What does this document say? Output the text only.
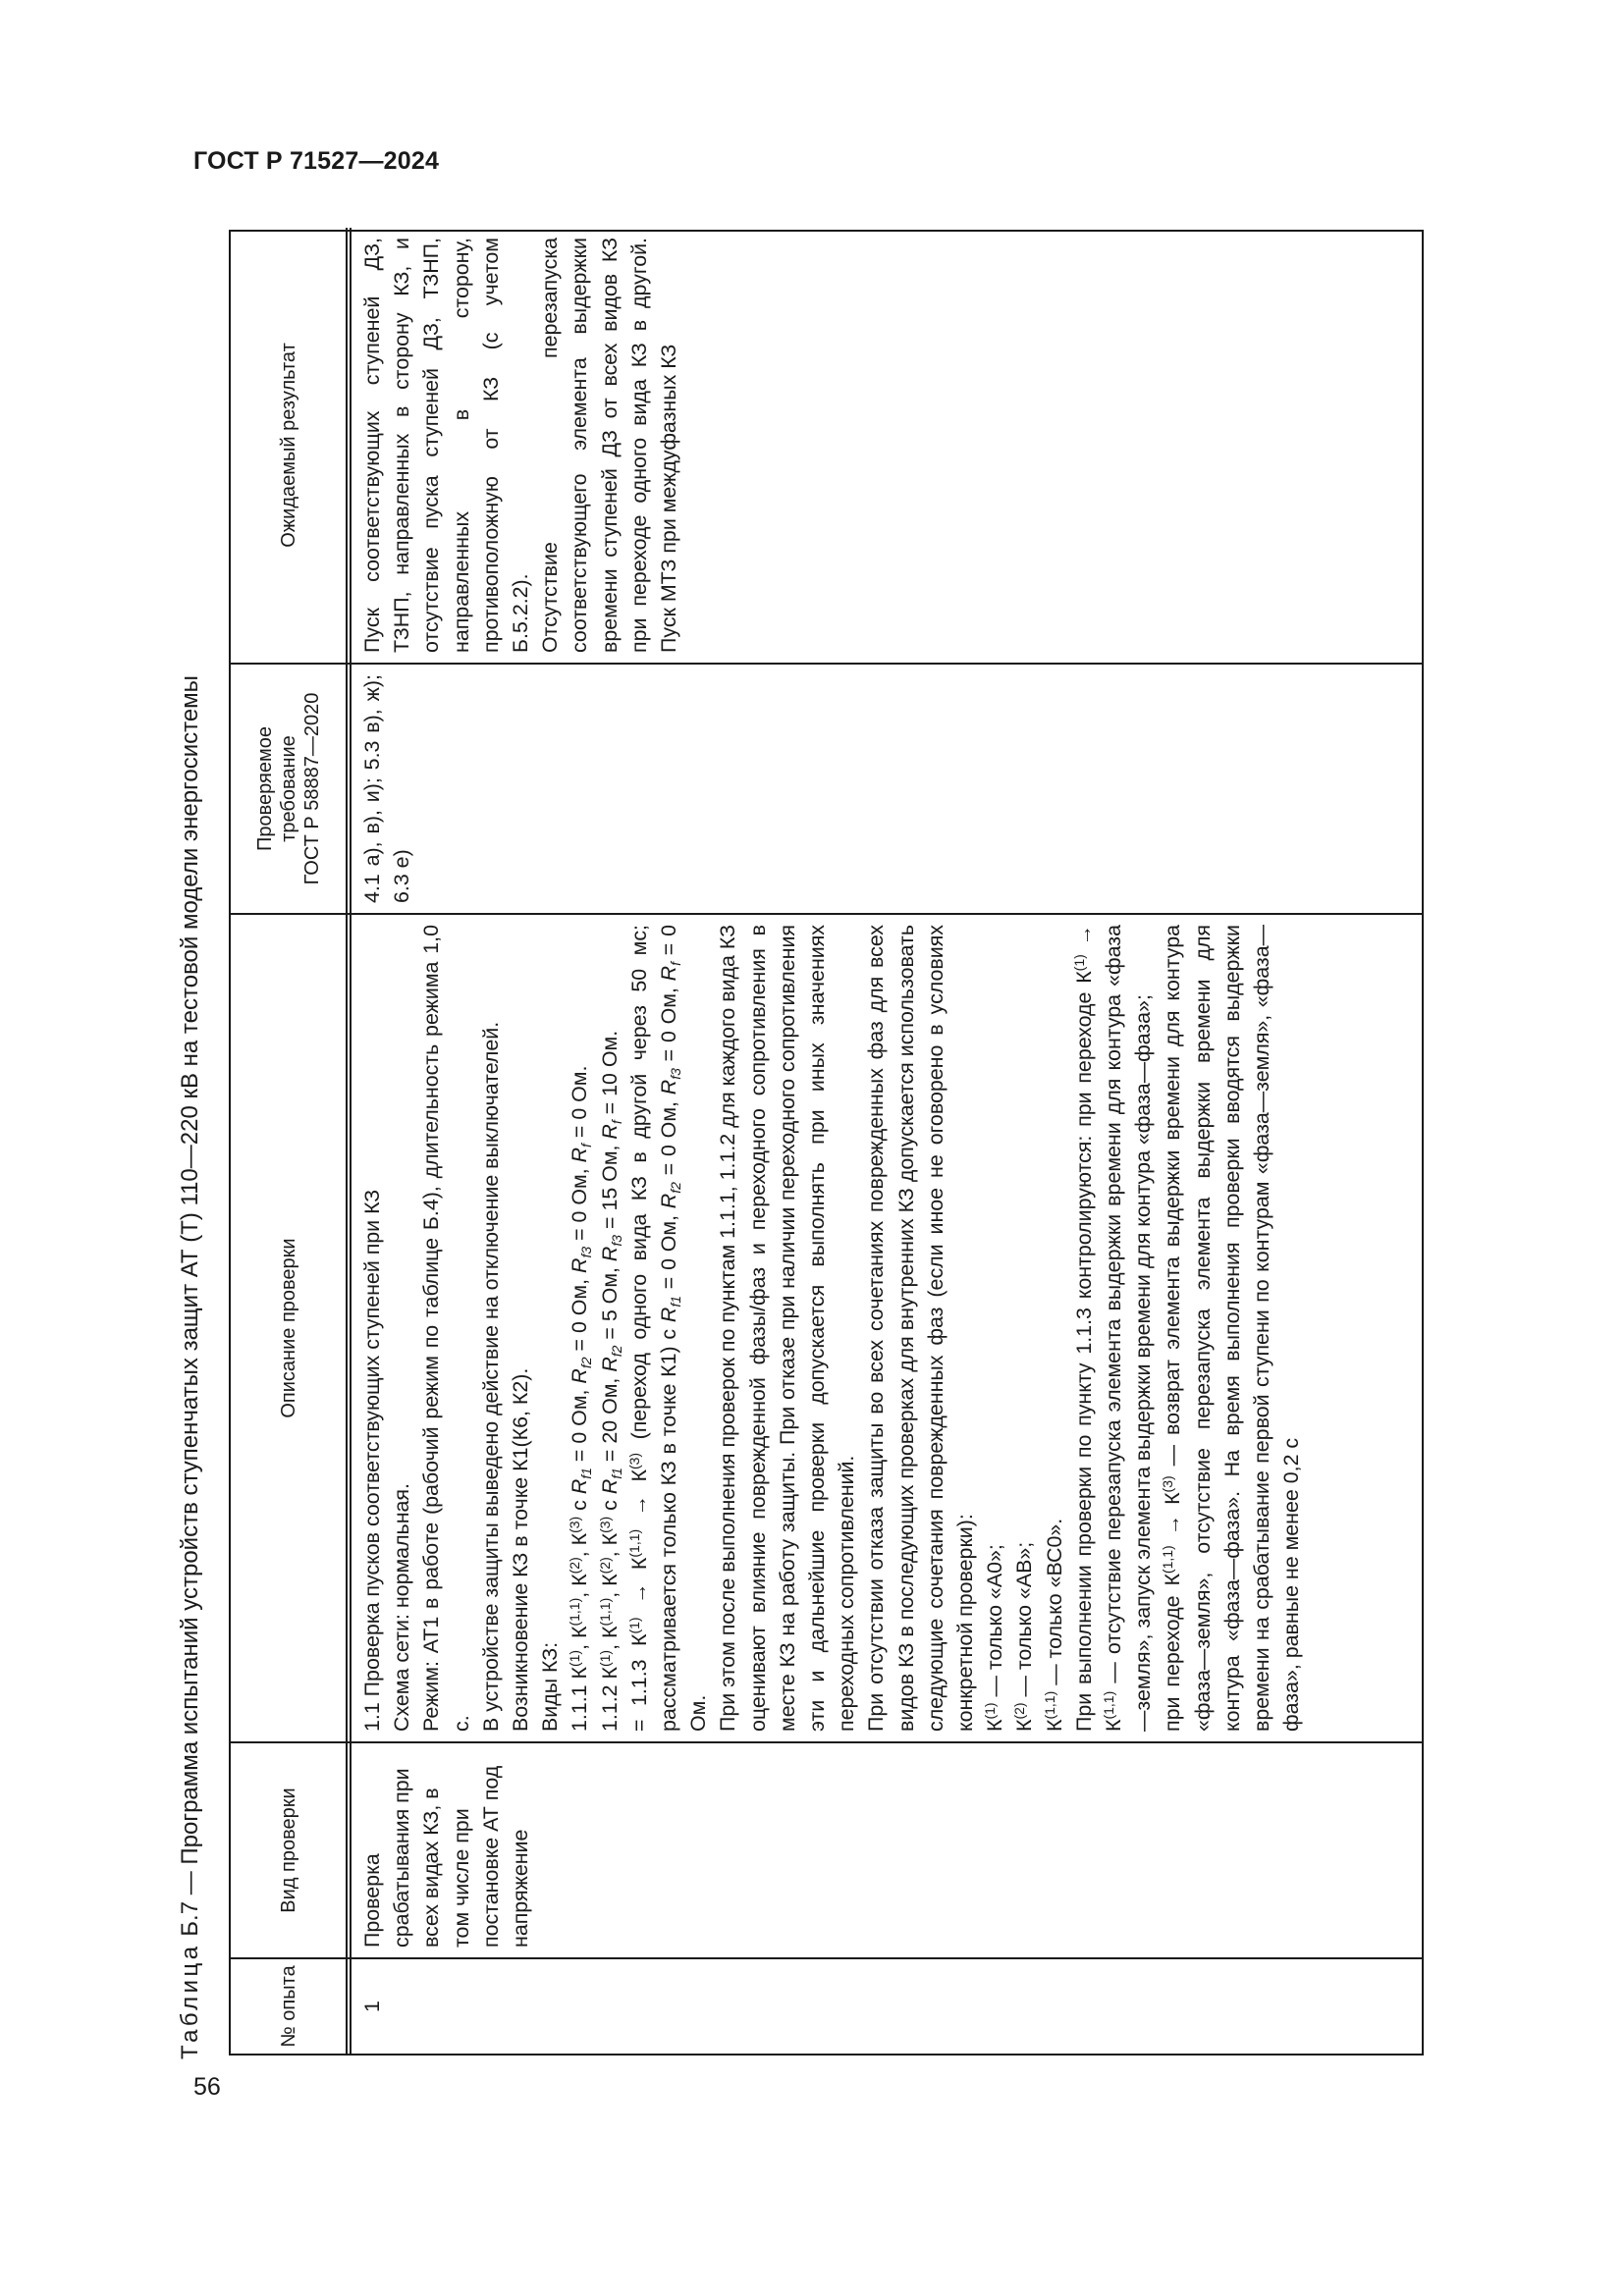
ГОСТ Р 71527—2024
Таблица Б.7 — Программа испытаний устройств ступенчатых защит АТ (Т) 110—220 кВ на тестовой модели энергосистемы
№ опыта	1
Вид проверки	Проверка срабатывания при всех видах КЗ, в том числе при постановке АТ под напряжение
Описание проверки	1.1 Проверка пусков соответствующих ступеней при КЗ Схема сети: нормальная. Режим: АТ1 в работе (рабочий режим по таблице Б.4), длительность режима 1,0 с. В устройстве защиты выведено действие на отключение выключателей. Возникновение КЗ в точке К1(К6, К2). Виды КЗ: 1.1.1 $К^{(1)}$, К$^{(1,1)}$, $К^{(2)}$, $К^{(3)}$ с $R_{f1} = 0$ Ом, $R_{f2} = 0$ Ом, $R_{f3} = 0$ Ом, $R_f = 0$ Ом.

1.1.2 $К^{(1)}$, К$^{(1,1)}$, $К^{(2)}$, $К^{(3)}$ с $R_{f1} = 20$ Ом, $R_{f2} = 5$ Ом, $R_{f3} = 15$ Ом, $R_f = 10$ Ом.

= 1.1.3 $К^{(1)} \to К^{(1,1)} \to К^{(3)}$ (переход одного вида КЗ в другой через 50 мс; рассматривается только КЗ в точке К1) с $R_{f1} = 0$ Ом, $R_{f2} = 0$ Ом, $R_{f3} = 0$ Ом, $R_f = 0$ Ом. При этом после выполнения проверок по пунктам 1.1.1, 1.1.2 для каждого вида КЗ оценивают влияние поврежденной фазы/фаз и переходного сопротивления в месте КЗ на работу защиты. При отказе при наличии переходного сопротивления эти и дальнейшие проверки допускается выполнять при иных значениях переходных сопротивлений. При отсутствии отказа защиты во всех сочетаниях поврежденных фаз для всех видов КЗ в последующих проверках для внутренних КЗ допускается использовать следующие сочетания поврежденных фаз (если иное не оговорено в условиях конкретной проверки): $К^{(1)}$ — только «А0»;

$К^{(2)}$ — только «АВ»;

К$^{(1,1)}$ — только «ВС0». При выполнении проверки по пункту 1.1.3 контролируются: при переходе $К^{(1)} \to К^{(1,1)}$ — отсутствие перезапуска элемента выдержки времени для контура «фаза—земля», запуск элемента выдержки времени для контура «фаза—фаза»; при переходе $К^{(1,1)} \to К^{(3)}$ — возврат элемента выдержки времени для контура «фаза—земля», отсутствие перезапуска элемента выдержки времени для контура «фаза—фаза». На время выполнения проверки вводятся выдержки времени на срабатывание первой ступени по контурам «фаза—земля», «фаза—фаза», равные не менее 0,2 с

Проверяемое требование ГОСТ Р 58887—2020	4.1 а), в), и); 5.3 в), ж); 6.3 е)
Ожидаемый результат	Пуск соответствующих ступеней ДЗ, ТЗНП, направленных в сторону КЗ, и отсутствие пуска ступеней ДЗ, ТЗНП, направленных в сторону, противоположную от КЗ (с учетом Б.5.2.2). Отсутствие перезапуска соответствующего элемента выдержки времени ступеней ДЗ от всех видов КЗ при переходе одного вида КЗ в другой. Пуск МТЗ при междуфазных КЗ

56
